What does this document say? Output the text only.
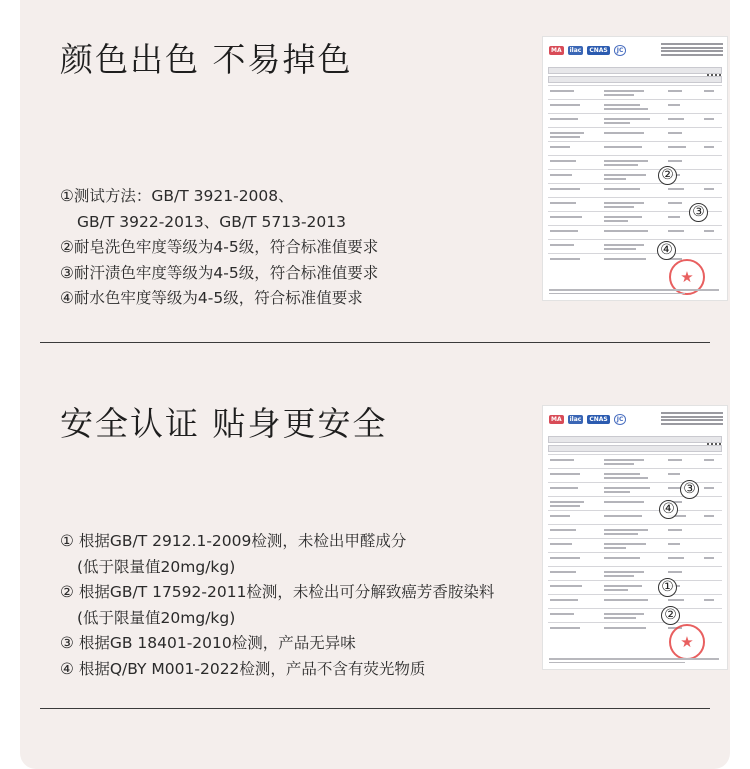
颜色出色 不易掉色
①测试方法：GB/T 3921-2008、
GB/T 3922-2013、GB/T 5713-2013
②耐皂洗色牢度等级为4-5级，符合标准值要求
③耐汗渍色牢度等级为4-5级，符合标准值要求
④耐水色牢度等级为4-5级，符合标准值要求
MA	ilac	CNAS	JC
②
③
④
★
安全认证 贴身更安全
① 根据GB/T 2912.1-2009检测，未检出甲醛成分
(低于限量值20mg/kg)
② 根据GB/T 17592-2011检测，未检出可分解致癌芳香胺染料
(低于限量值20mg/kg)
③ 根据GB 18401-2010检测，产品无异味
④ 根据Q/BY M001-2022检测，产品不含有荧光物质
MA	ilac	CNAS	JC
③
④
①
②
★
